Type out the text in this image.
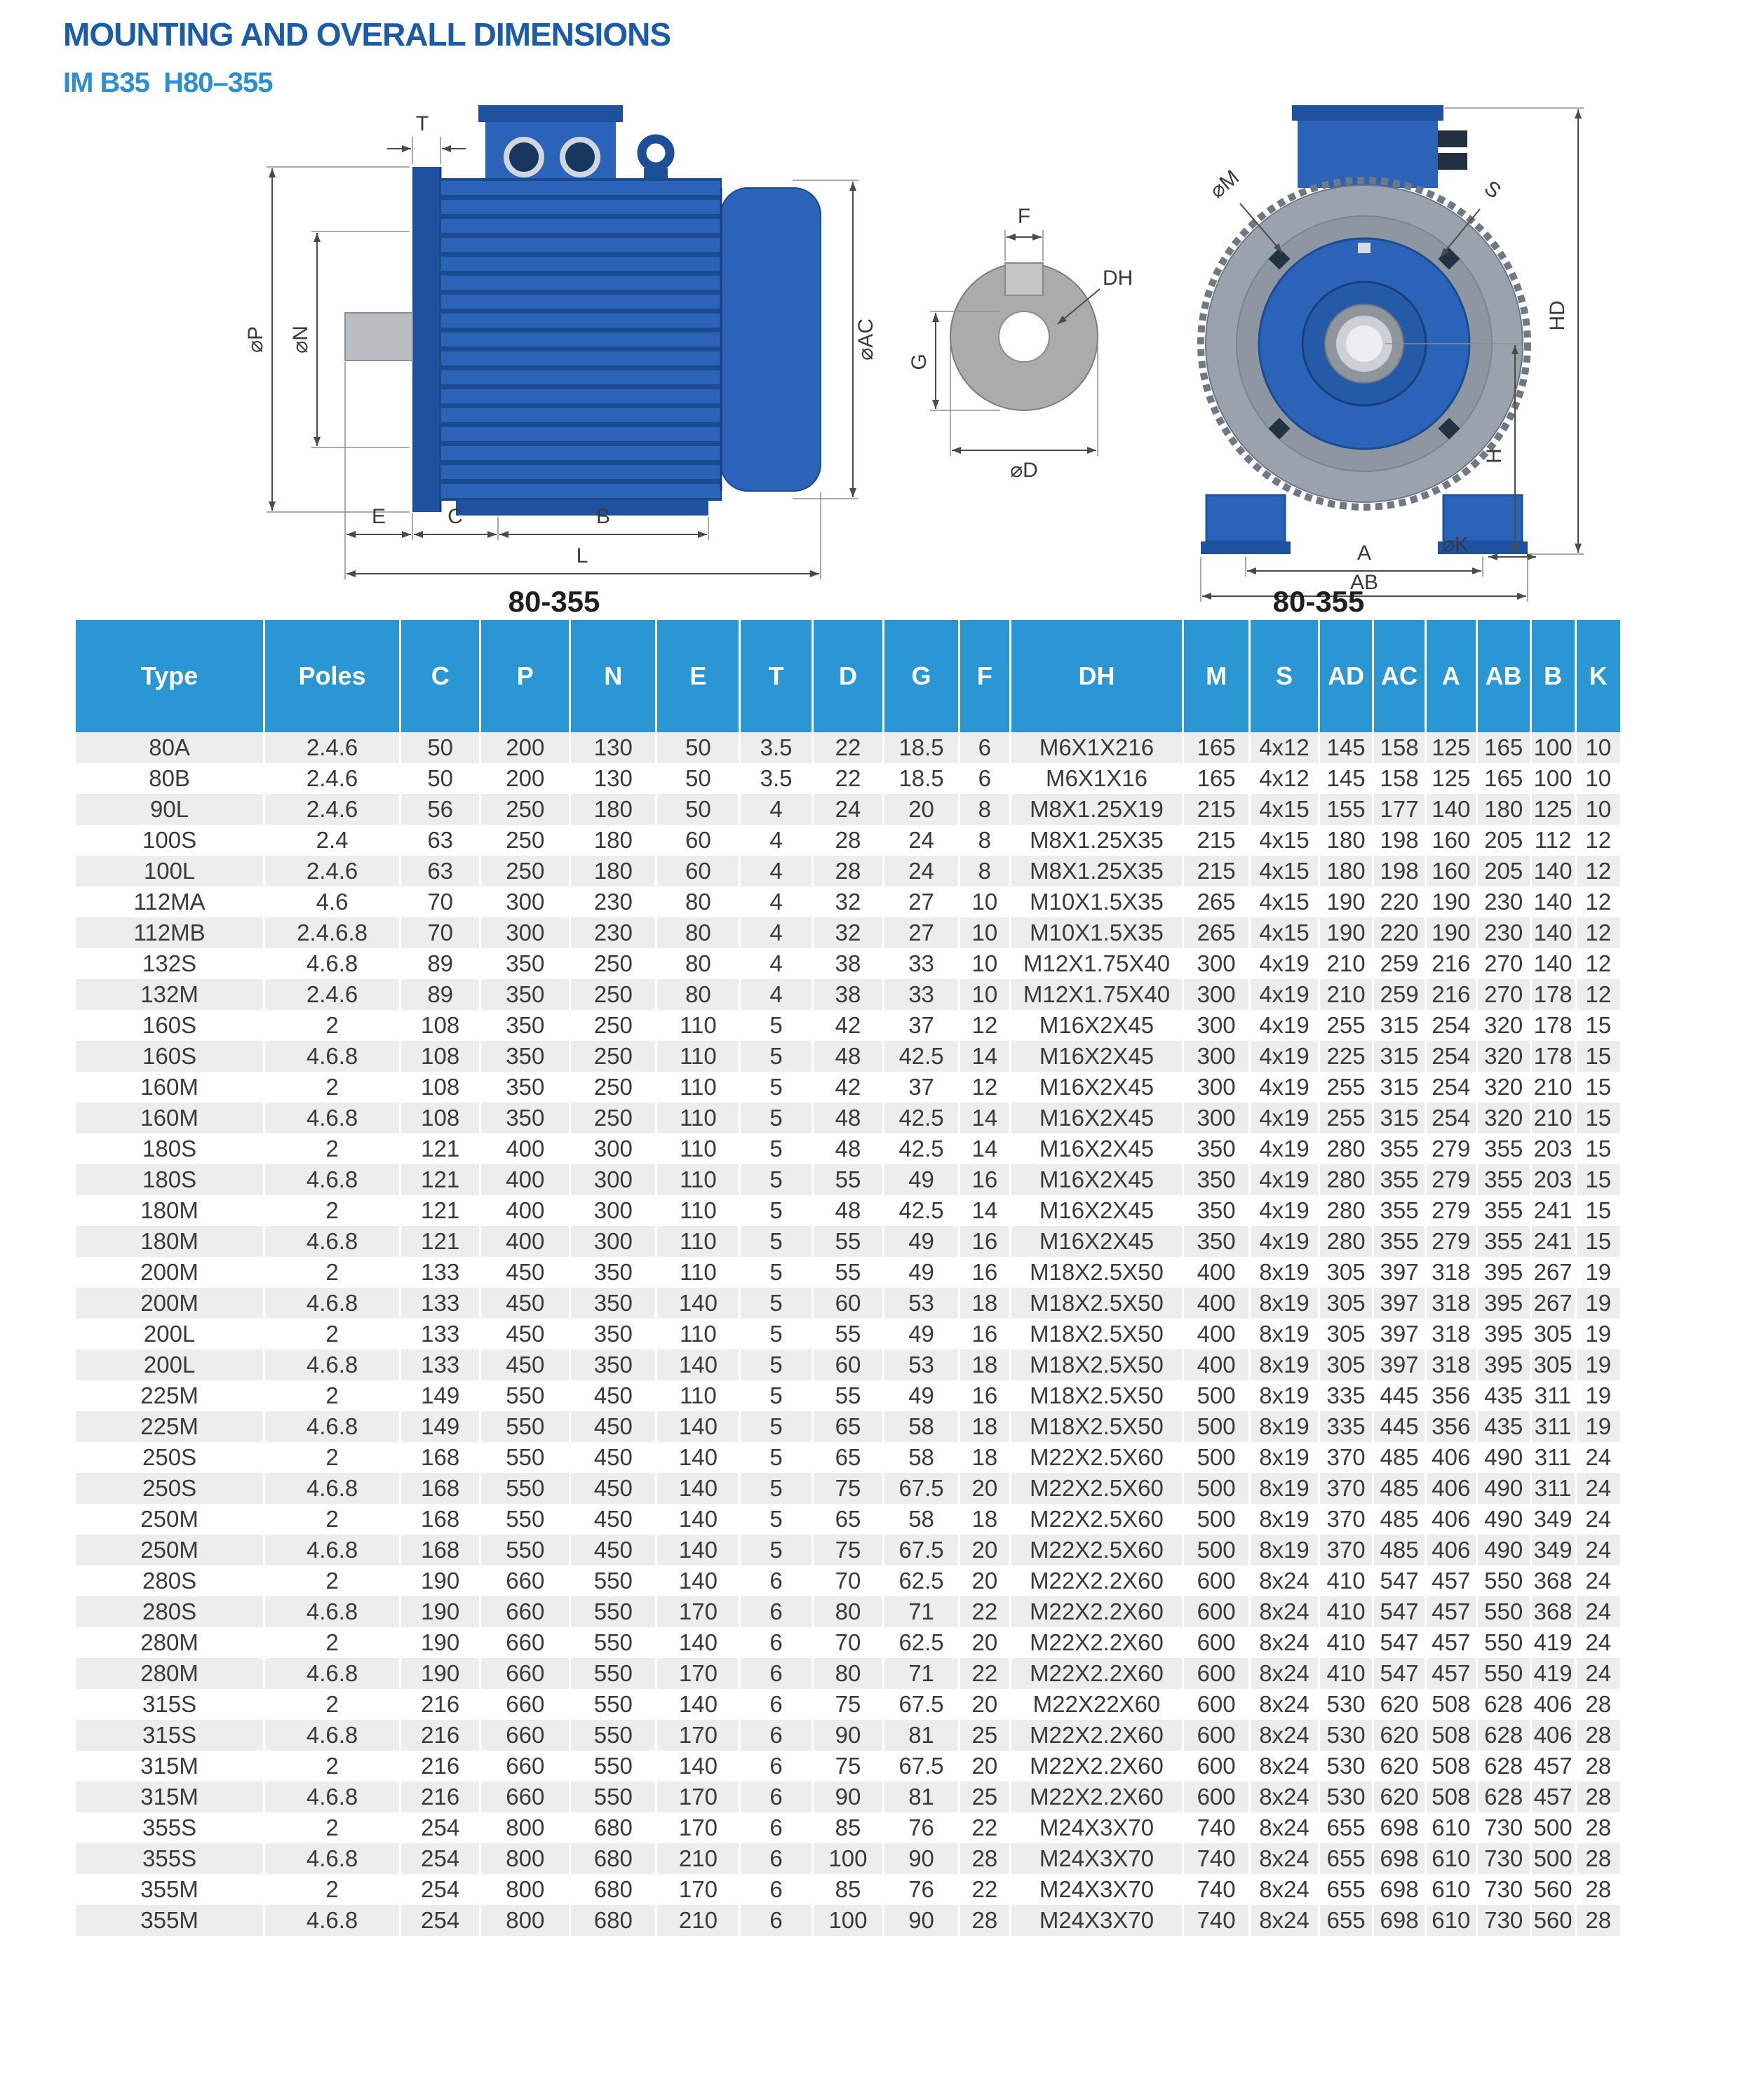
MOUNTING AND OVERALL DIMENSIONS
IM B35  H80–355
T
⌀P ⌀N	⌀AC
E	C	B
L
80-355
F
DH
G
⌀D
HD
H
⌀M	S
A	⌀K
AB
80-355
Type	Poles	C	P	N	E	T	D	G	F	DH	M	S	AD	AC	A	AB	B	K
80A	2.4.6	50	200	130	50	3.5	22	18.5	6	M6X1X216	165	4x12	145	158	125	165	100	10
80B	2.4.6	50	200	130	50	3.5	22	18.5	6	M6X1X16	165	4x12	145	158	125	165	100	10
90L	2.4.6	56	250	180	50	4	24	20	8	M8X1.25X19	215	4x15	155	177	140	180	125	10
100S	2.4	63	250	180	60	4	28	24	8	M8X1.25X35	215	4x15	180	198	160	205	112	12
100L	2.4.6	63	250	180	60	4	28	24	8	M8X1.25X35	215	4x15	180	198	160	205	140	12
112MA	4.6	70	300	230	80	4	32	27	10	M10X1.5X35	265	4x15	190	220	190	230	140	12
112MB	2.4.6.8	70	300	230	80	4	32	27	10	M10X1.5X35	265	4x15	190	220	190	230	140	12
132S	4.6.8	89	350	250	80	4	38	33	10	M12X1.75X40	300	4x19	210	259	216	270	140	12
132M	2.4.6	89	350	250	80	4	38	33	10	M12X1.75X40	300	4x19	210	259	216	270	178	12
160S	2	108	350	250	110	5	42	37	12	M16X2X45	300	4x19	255	315	254	320	178	15
160S	4.6.8	108	350	250	110	5	48	42.5	14	M16X2X45	300	4x19	225	315	254	320	178	15
160M	2	108	350	250	110	5	42	37	12	M16X2X45	300	4x19	255	315	254	320	210	15
160M	4.6.8	108	350	250	110	5	48	42.5	14	M16X2X45	300	4x19	255	315	254	320	210	15
180S	2	121	400	300	110	5	48	42.5	14	M16X2X45	350	4x19	280	355	279	355	203	15
180S	4.6.8	121	400	300	110	5	55	49	16	M16X2X45	350	4x19	280	355	279	355	203	15
180M	2	121	400	300	110	5	48	42.5	14	M16X2X45	350	4x19	280	355	279	355	241	15
180M	4.6.8	121	400	300	110	5	55	49	16	M16X2X45	350	4x19	280	355	279	355	241	15
200M	2	133	450	350	110	5	55	49	16	M18X2.5X50	400	8x19	305	397	318	395	267	19
200M	4.6.8	133	450	350	140	5	60	53	18	M18X2.5X50	400	8x19	305	397	318	395	267	19
200L	2	133	450	350	110	5	55	49	16	M18X2.5X50	400	8x19	305	397	318	395	305	19
200L	4.6.8	133	450	350	140	5	60	53	18	M18X2.5X50	400	8x19	305	397	318	395	305	19
225M	2	149	550	450	110	5	55	49	16	M18X2.5X50	500	8x19	335	445	356	435	311	19
225M	4.6.8	149	550	450	140	5	65	58	18	M18X2.5X50	500	8x19	335	445	356	435	311	19
250S	2	168	550	450	140	5	65	58	18	M22X2.5X60	500	8x19	370	485	406	490	311	24
250S	4.6.8	168	550	450	140	5	75	67.5	20	M22X2.5X60	500	8x19	370	485	406	490	311	24
250M	2	168	550	450	140	5	65	58	18	M22X2.5X60	500	8x19	370	485	406	490	349	24
250M	4.6.8	168	550	450	140	5	75	67.5	20	M22X2.5X60	500	8x19	370	485	406	490	349	24
280S	2	190	660	550	140	6	70	62.5	20	M22X2.2X60	600	8x24	410	547	457	550	368	24
280S	4.6.8	190	660	550	170	6	80	71	22	M22X2.2X60	600	8x24	410	547	457	550	368	24
280M	2	190	660	550	140	6	70	62.5	20	M22X2.2X60	600	8x24	410	547	457	550	419	24
280M	4.6.8	190	660	550	170	6	80	71	22	M22X2.2X60	600	8x24	410	547	457	550	419	24
315S	2	216	660	550	140	6	75	67.5	20	M22X22X60	600	8x24	530	620	508	628	406	28
315S	4.6.8	216	660	550	170	6	90	81	25	M22X2.2X60	600	8x24	530	620	508	628	406	28
315M	2	216	660	550	140	6	75	67.5	20	M22X2.2X60	600	8x24	530	620	508	628	457	28
315M	4.6.8	216	660	550	170	6	90	81	25	M22X2.2X60	600	8x24	530	620	508	628	457	28
355S	2	254	800	680	170	6	85	76	22	M24X3X70	740	8x24	655	698	610	730	500	28
355S	4.6.8	254	800	680	210	6	100	90	28	M24X3X70	740	8x24	655	698	610	730	500	28
355M	2	254	800	680	170	6	85	76	22	M24X3X70	740	8x24	655	698	610	730	560	28
355M	4.6.8	254	800	680	210	6	100	90	28	M24X3X70	740	8x24	655	698	610	730	560	28
